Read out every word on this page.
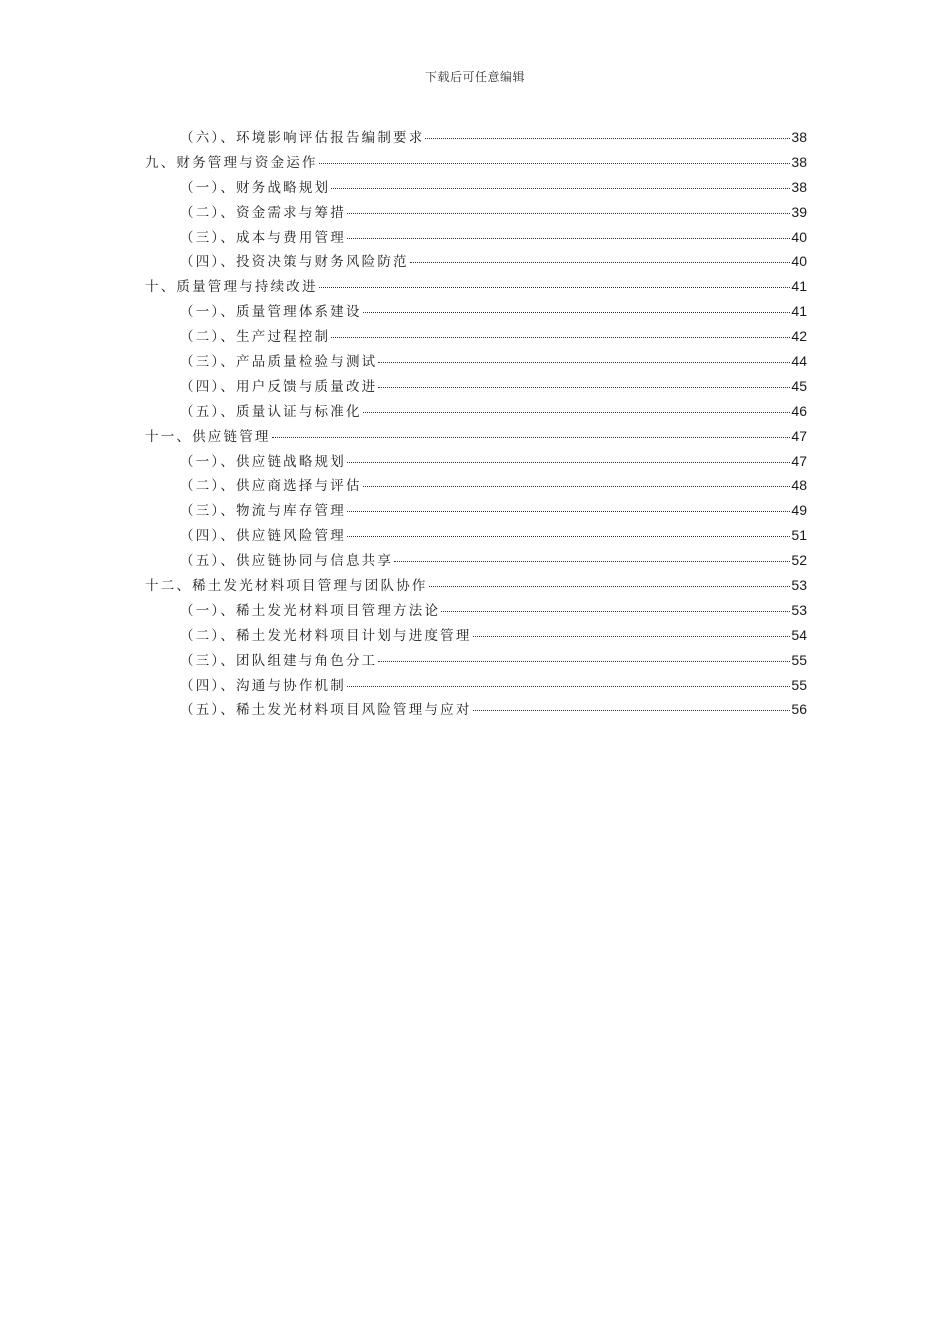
下载后可任意编辑
（六）、环境影响评估报告编制要求	38
九、财务管理与资金运作	38
（一）、财务战略规划	38
（二）、资金需求与筹措	39
（三）、成本与费用管理	40
（四）、投资决策与财务风险防范	40
十、质量管理与持续改进	41
（一）、质量管理体系建设	41
（二）、生产过程控制	42
（三）、产品质量检验与测试	44
（四）、用户反馈与质量改进	45
（五）、质量认证与标准化	46
十一、供应链管理	47
（一）、供应链战略规划	47
（二）、供应商选择与评估	48
（三）、物流与库存管理	49
（四）、供应链风险管理	51
（五）、供应链协同与信息共享	52
十二、稀土发光材料项目管理与团队协作	53
（一）、稀土发光材料项目管理方法论	53
（二）、稀土发光材料项目计划与进度管理	54
（三）、团队组建与角色分工	55
（四）、沟通与协作机制	55
（五）、稀土发光材料项目风险管理与应对	56
